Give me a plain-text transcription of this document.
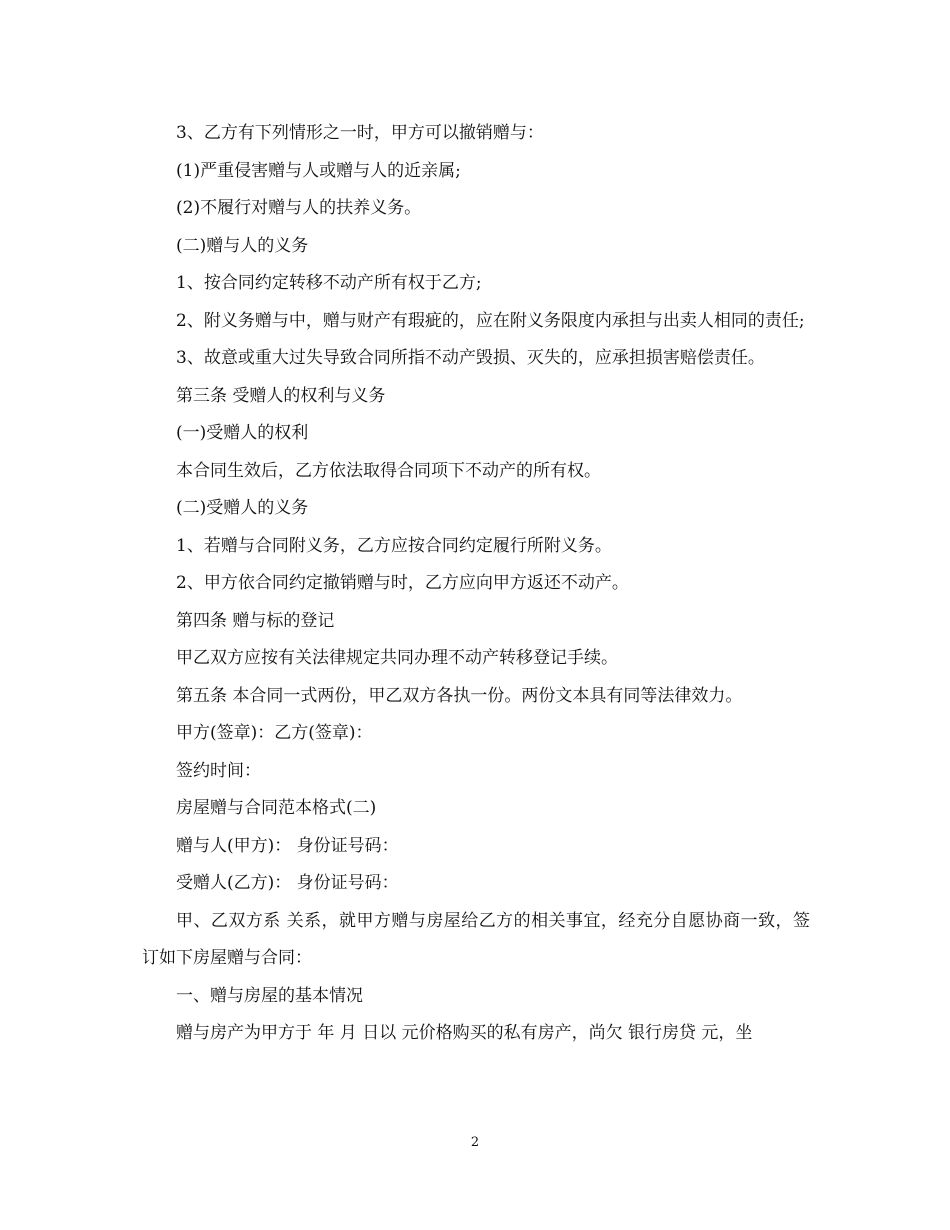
3、乙方有下列情形之一时，甲方可以撤销赠与：

(1)严重侵害赠与人或赠与人的近亲属;

(2)不履行对赠与人的扶养义务。

(二)赠与人的义务

1、按合同约定转移不动产所有权于乙方;

2、附义务赠与中，赠与财产有瑕疵的，应在附义务限度内承担与出卖人相同的责任;

3、故意或重大过失导致合同所指不动产毁损、灭失的，应承担损害赔偿责任。

第三条 受赠人的权利与义务

(一)受赠人的权利

本合同生效后，乙方依法取得合同项下不动产的所有权。

(二)受赠人的义务

1、若赠与合同附义务，乙方应按合同约定履行所附义务。

2、甲方依合同约定撤销赠与时，乙方应向甲方返还不动产。

第四条 赠与标的登记

甲乙双方应按有关法律规定共同办理不动产转移登记手续。

第五条 本合同一式两份，甲乙双方各执一份。两份文本具有同等法律效力。

甲方(签章)：乙方(签章)：

签约时间：

房屋赠与合同范本格式(二)

赠与人(甲方)： 身份证号码：

受赠人(乙方)： 身份证号码：

甲、乙双方系 关系，就甲方赠与房屋给乙方的相关事宜，经充分自愿协商一致，签订如下房屋赠与合同：

一、赠与房屋的基本情况

赠与房产为甲方于 年 月 日以 元价格购买的私有房产，尚欠 银行房贷 元，坐

2
